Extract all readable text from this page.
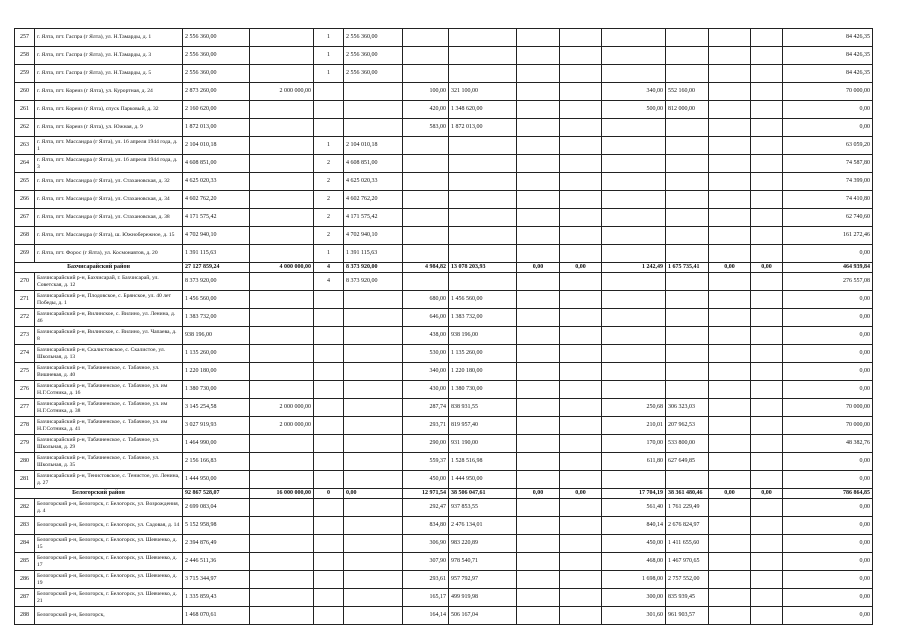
257	г. Ялта, пгт. Гаспра (г Ялта), ул. Н.Тамарды, д. 1	2 556 360,00		1	2 556 360,00									84 426,35
258	г. Ялта, пгт. Гаспра (г Ялта), ул. Н.Тамарды, д. 3	2 556 360,00		1	2 556 360,00									84 426,35
259	г. Ялта, пгт. Гаспра (г Ялта), ул. Н.Тамарды, д. 5	2 556 360,00		1	2 556 360,00									84 426,35
260	г. Ялта, пгт. Кореиз (г Ялта), ул. Курортная, д. 24	2 873 260,00	2 000 000,00			100,00	321 100,00			340,00	552 160,00			70 000,00
261	г. Ялта, пгт. Кореиз (г Ялта), спуск Парковый, д. 32	2 160 620,00				420,00	1 348 620,00			500,00	812 000,00			0,00
262	г. Ялта, пгт. Кореиз (г Ялта), ул. Южная, д. 9	1 872 013,00				583,00	1 872 013,00							0,00
263	г. Ялта, пгт. Массандра (г Ялта), ул. 16 апреля 1944 года, д. 1	2 104 010,18		1	2 104 010,18									63 059,20
264	г. Ялта, пгт. Массандра (г Ялта), ул. 16 апреля 1944 года, д. 3	4 608 851,00		2	4 608 851,00									74 587,80
265	г. Ялта, пгт. Массандра (г Ялта), ул. Стахановская, д. 32	4 625 020,33		2	4 625 020,33									74 399,00
266	г. Ялта, пгт. Массандра (г Ялта), ул. Стахановская, д. 34	4 602 762,20		2	4 602 762,20									74 410,80
267	г. Ялта, пгт. Массандра (г Ялта), ул. Стахановская, д. 38	4 171 575,42		2	4 171 575,42									62 740,60
268	г. Ялта, пгт. Массандра (г Ялта), ш. Южнобережное, д. 15	4 702 940,10		2	4 702 940,10									161 272,46
269	г. Ялта, пгт. Форос (г Ялта), ул. Космонавтов, д. 20	1 391 115,63		1	1 391 115,63									0,00
Бахчисарайский район		27 127 859,24	4 000 000,00	4	8 373 920,00	4 984,82	13 078 203,93	0,00	0,00	1 242,49	1 675 735,41	0,00	0,00	464 939,84
270	Бахчисарайский р-н, Бахчисарай, г. Бахчисарай, ул. Советская, д. 12	8 373 920,00		4	8 373 920,00									276 557,08
271	Бахчисарайский р-н, Плодовское, с. Брянское, ул. 40 лет Победы, д. 1	1 456 560,00				680,00	1 456 560,00							0,00
272	Бахчисарайский р-н, Вилинское, с. Вилино, ул. Ленина, д. 46	1 383 732,00				646,00	1 383 732,00							0,00
273	Бахчисарайский р-н, Вилинское, с. Вилино, ул. Чапаева, д. 8	938 196,00				438,00	938 196,00							0,00
274	Бахчисарайский р-н, Скалистовское, с. Скалистое, ул. Школьная, д. 13	1 135 260,00				530,00	1 135 260,00							0,00
275	Бахчисарайский р-н, Табачненское, с. Табачное, ул. Вишневая, д. 40	1 220 180,00				340,00	1 220 180,00							0,00
276	Бахчисарайский р-н, Табачненское, с. Табачное, ул. им Н.Г.Сотника, д. 16	1 380 730,00				430,00	1 380 730,00							0,00
277	Бахчисарайский р-н, Табачненское, с. Табачное, ул. им Н.Г.Сотника, д. 38	3 145 254,58	2 000 000,00			287,74	838 931,55			250,68	306 323,03			70 000,00
278	Бахчисарайский р-н, Табачненское, с. Табачное, ул. им Н.Г.Сотника, д. 41	3 027 919,93	2 000 000,00			293,71	819 957,40			210,01	207 962,53			70 000,00
279	Бахчисарайский р-н, Табачненское, с. Табачное, ул. Школьная, д. 29	1 464 990,00				290,00	931 190,00			170,00	533 800,00			48 382,76
280	Бахчисарайский р-н, Табачненское, с. Табачное, ул. Школьная, д. 35	2 156 166,83				559,37	1 528 516,98			611,80	627 649,85			0,00
281	Бахчисарайский р-н, Тенистовское, с. Тенистое, ул. Ленина, д. 27	1 444 950,00				450,00	1 444 950,00							0,00
Белогорский район		92 867 528,07	16 000 000,00	0	0,00	12 971,54	38 506 047,61	0,00	0,00	17 704,19	38 361 480,46	0,00	0,00	786 864,85
282	Белогорский р-н, Белогорск, г. Белогорск, ул. Возрождения, д. 4	2 699 083,04				292,47	937 853,55			561,40	1 761 229,49			0,00
283	Белогорский р-н, Белогорск, г. Белогорск, ул. Садовая, д. 14	5 152 958,98				834,80	2 476 134,01			840,14	2 676 824,97			0,00
284	Белогорский р-н, Белогорск, г. Белогорск, ул. Шевченко, д. 15	2 394 876,49				306,90	983 220,89			450,00	1 411 655,60			0,00
285	Белогорский р-н, Белогорск, г. Белогорск, ул. Шевченко, д. 17	2 446 511,36				307,90	978 540,71			468,00	1 467 970,65			0,00
286	Белогорский р-н, Белогорск, г. Белогорск, ул. Шевченко, д. 19	3 715 344,97				293,61	957 792,97			1 698,00	2 757 552,00			0,00
287	Белогорский р-н, Белогорск, г. Белогорск, ул. Шевченко, д. 21	1 335 859,43				165,17	499 919,98			300,00	835 939,45			0,00
288	Белогорский р-н, Белогорск,	1 468 070,61				164,14	506 167,04			301,60	961 903,57			0,00
